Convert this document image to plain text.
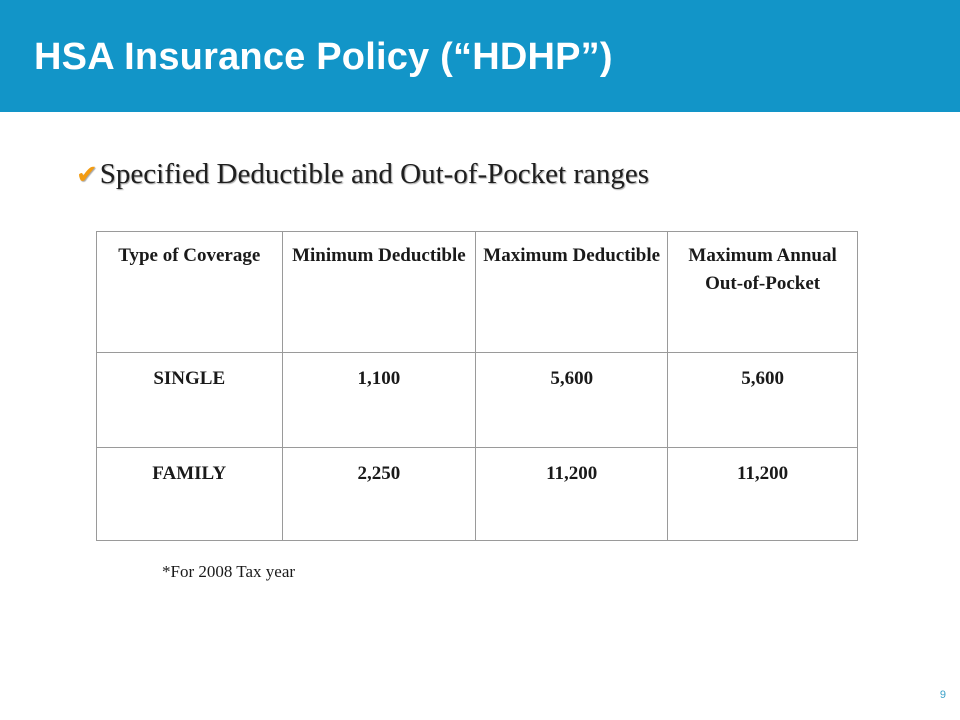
HSA Insurance Policy (“HDHP”)
✔ Specified Deductible and Out-of-Pocket ranges
Type of Coverage	Minimum Deductible	Maximum Deductible	Maximum Annual Out-of-Pocket
SINGLE	1,100	5,600	5,600
FAMILY	2,250	11,200	11,200
*For 2008 Tax year
9
